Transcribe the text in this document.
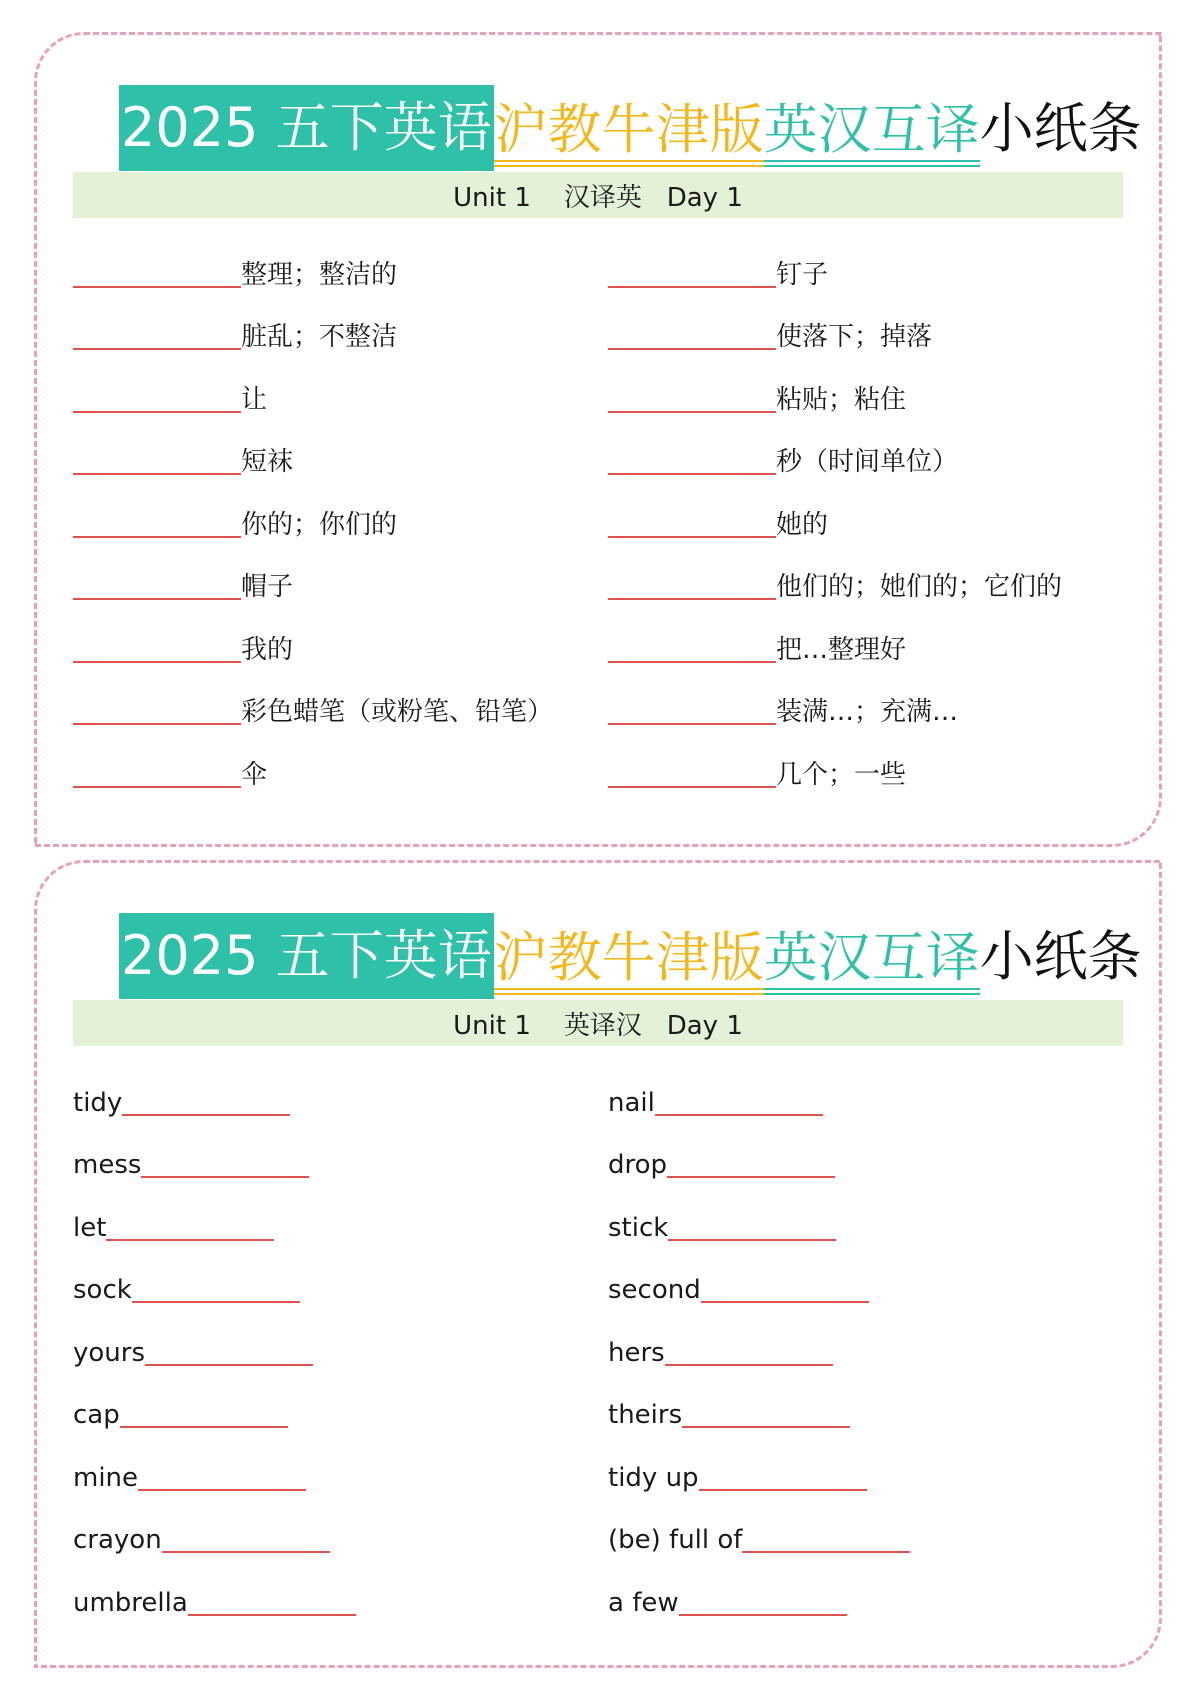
2025 五下英语 沪教牛津版 英汉互译 小纸条
Unit 1    汉译英   Day 1
整理；整洁的
脏乱；不整洁
让
短袜
你的；你们的
帽子
我的
彩色蜡笔（或粉笔、铅笔）
伞
钉子
使落下；掉落
粘贴；粘住
秒（时间单位）
她的
他们的；她们的；它们的
把…整理好
装满…；充满…
几个；一些
2025 五下英语 沪教牛津版 英汉互译 小纸条
Unit 1    英译汉   Day 1
tidy
mess
let
sock
yours
cap
mine
crayon
umbrella
nail
drop
stick
second
hers
theirs
tidy up
(be) full of
a few
